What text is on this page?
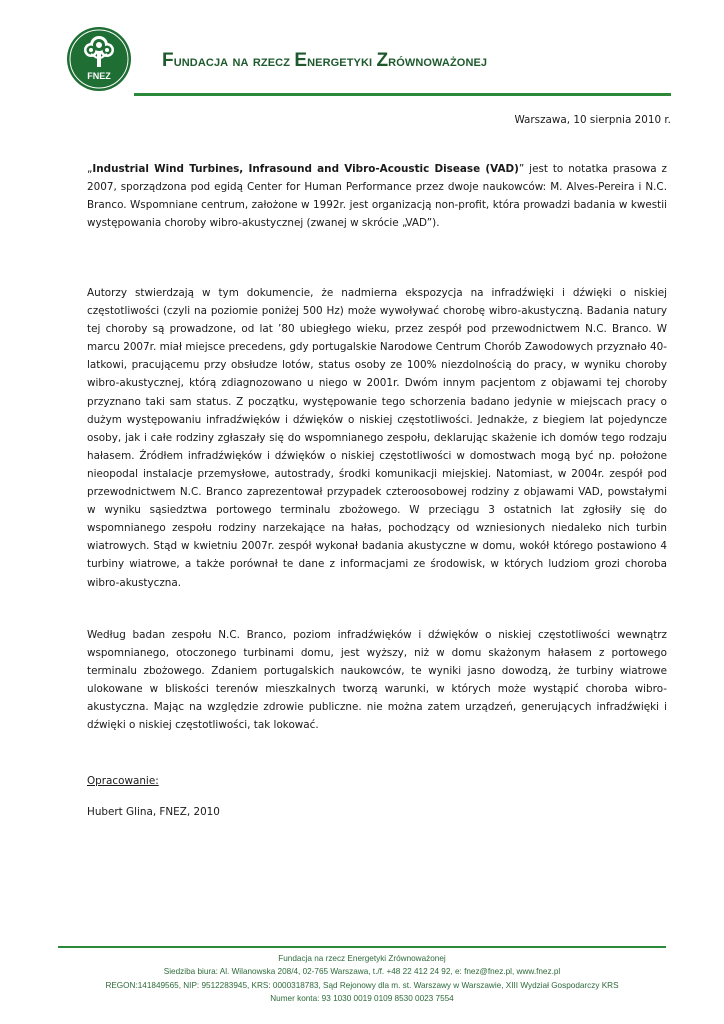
FNEZ
Fundacja na rzecz Energetyki Zrównoważonej
Warszawa, 10 sierpnia 2010 r.
„Industrial Wind Turbines, Infrasound and Vibro-Acoustic Disease (VAD)” jest to notatka prasowa z 2007, sporządzona pod egidą Center for Human Performance przez dwoje naukowców: M. Alves-Pereira i N.C. Branco. Wspomniane centrum, założone w 1992r. jest organizacją non-profit, która prowadzi badania w kwestii występowania choroby wibro-akustycznej (zwanej w skrócie „VAD”).
Autorzy stwierdzają w tym dokumencie, że nadmierna ekspozycja na infradźwięki i dźwięki o niskiej częstotliwości (czyli na poziomie poniżej 500 Hz) może wywoływać chorobę wibro-akustyczną. Badania natury tej choroby są prowadzone, od lat ’80 ubiegłego wieku, przez zespół pod przewodnictwem N.C. Branco. W marcu 2007r. miał miejsce precedens, gdy portugalskie Narodowe Centrum Chorób Zawodowych przyznało 40-latkowi, pracującemu przy obsłudze lotów, status osoby ze 100% niezdolnością do pracy, w wyniku choroby wibro-akustycznej, którą zdiagnozowano u niego w 2001r. Dwóm innym pacjentom z objawami tej choroby przyznano taki sam status. Z początku, występowanie tego schorzenia badano jedynie w miejscach pracy o dużym występowaniu infradźwięków i dźwięków o niskiej częstotliwości. Jednakże, z biegiem lat pojedyncze osoby, jak i całe rodziny zgłaszały się do wspomnianego zespołu, deklarując skażenie ich domów tego rodzaju hałasem. Źródłem infradźwięków i dźwięków o niskiej częstotliwości w domostwach mogą być np. położone nieopodal instalacje przemysłowe, autostrady, środki komunikacji miejskiej. Natomiast, w 2004r. zespół pod przewodnictwem N.C. Branco zaprezentował przypadek czteroosobowej rodziny z objawami VAD, powstałymi w wyniku sąsiedztwa portowego terminalu zbożowego. W przeciągu 3 ostatnich lat zgłosiły się do wspomnianego zespołu rodziny narzekające na hałas, pochodzący od wzniesionych niedaleko nich turbin wiatrowych. Stąd w kwietniu 2007r. zespół wykonał badania akustyczne w domu, wokół którego postawiono 4 turbiny wiatrowe, a także porównał te dane z informacjami ze środowisk, w których ludziom grozi choroba wibro-akustyczna.
Według badan zespołu N.C. Branco, poziom infradźwięków i dźwięków o niskiej częstotliwości wewnątrz wspomnianego, otoczonego turbinami domu, jest wyższy, niż w domu skażonym hałasem z portowego terminalu zbożowego. Zdaniem portugalskich naukowców, te wyniki jasno dowodzą, że turbiny wiatrowe ulokowane w bliskości terenów mieszkalnych tworzą warunki, w których może wystąpić choroba wibro-akustyczna. Mając na względzie zdrowie publiczne. nie można zatem urządzeń, generujących infradźwięki i dźwięki o niskiej częstotliwości, tak lokować.
Opracowanie:
Hubert Glina, FNEZ, 2010
Fundacja na rzecz Energetyki Zrównoważonej
Siedziba biura: Al. Wilanowska 208/4, 02-765 Warszawa, t./f. +48 22 412 24 92, e: fnez@fnez.pl, www.fnez.pl
REGON:141849565, NIP: 9512283945, KRS: 0000318783, Sąd Rejonowy dla m. st. Warszawy w Warszawie, XIII Wydział Gospodarczy KRS
Numer konta: 93 1030 0019 0109 8530 0023 7554
